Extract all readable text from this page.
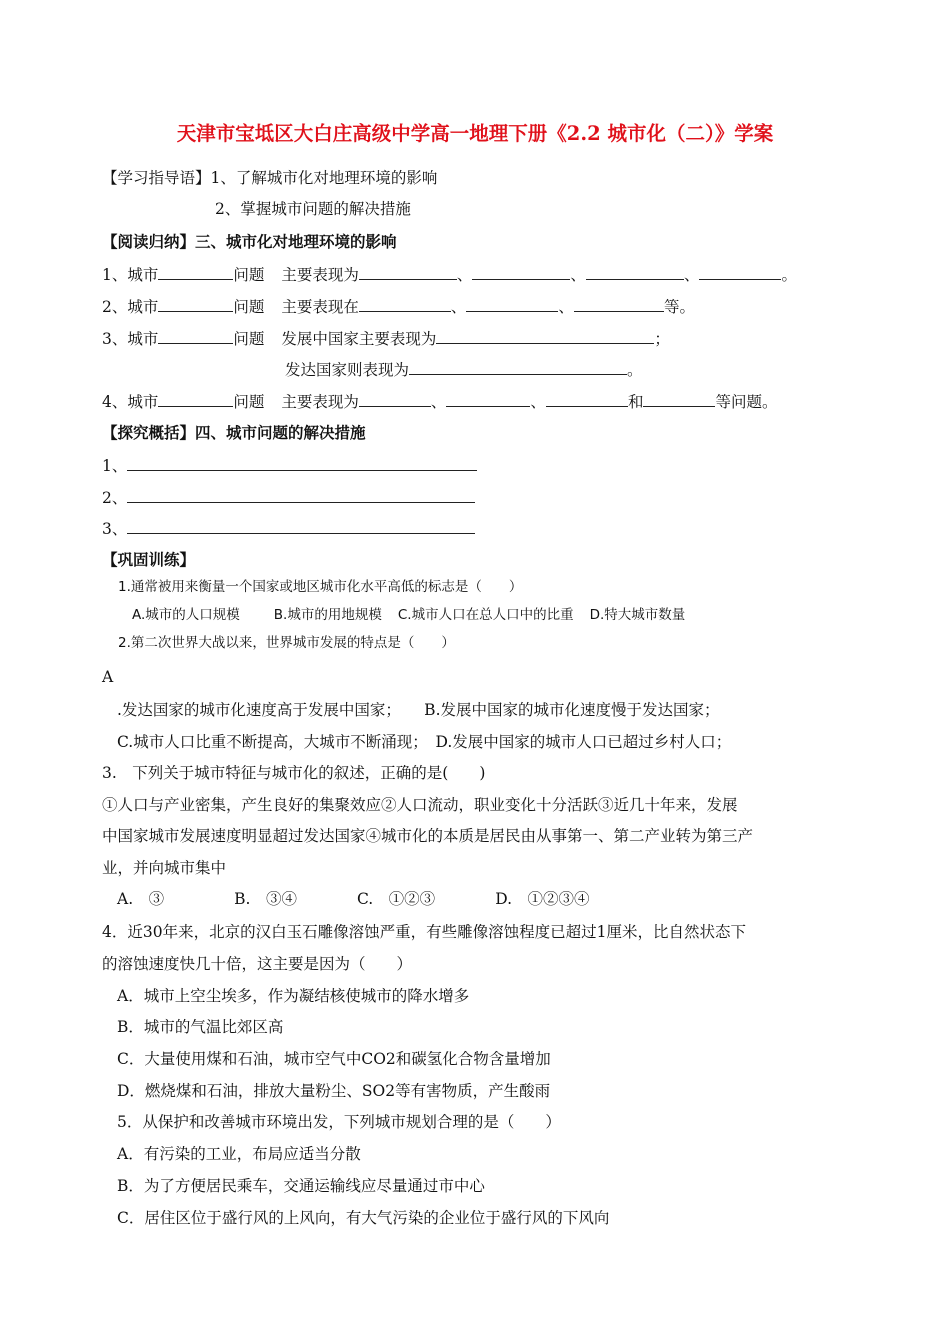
天津市宝坻区大白庄高级中学高一地理下册《2.2 城市化（二）》学案
【学习指导语】1、了解城市化对地理环境的影响
2、掌握城市问题的解决措施
【阅读归纳】三、城市化对地理环境的影响
1、城市	问题 主要表现为	、	、	、	。
2、城市	问题 主要表现在	、	、	等。
3、城市	问题 发展中国家主要表现为	；
发达国家则表现为	。
4、城市	问题 主要表现为	、	、	和	等问题。
【探究概括】四、城市问题的解决措施
1、
2、
3、
【巩固训练】
1.通常被用来衡量一个国家或地区城市化水平高低的标志是（　　）
A.城市的人口规模	B.城市的用地规模 C.城市人口在总人口中的比重 D.特大城市数量
2.第二次世界大战以来，世界城市发展的特点是（　　）
A
.发达国家的城市化速度高于发展中国家；　　B.发展中国家的城市化速度慢于发达国家；
C.城市人口比重不断提高，大城市不断涌现；　D.发展中国家的城市人口已超过乡村人口；
3.　下列关于城市特征与城市化的叙述，正确的是(　　)
①人口与产业密集，产生良好的集聚效应②人口流动，职业变化十分活跃③近几十年来，发展
中国家城市发展速度明显超过发达国家④城市化的本质是居民由从事第一、第二产业转为第三产
业，并向城市集中
A.　③	B.　③④	C.　①②③	D.　①②③④
4．近30年来，北京的汉白玉石雕像溶蚀严重，有些雕像溶蚀程度已超过1厘米，比自然状态下
的溶蚀速度快几十倍，这主要是因为（　　）
A．城市上空尘埃多，作为凝结核使城市的降水增多
B．城市的气温比郊区高
C．大量使用煤和石油，城市空气中CO2和碳氢化合物含量增加
D．燃烧煤和石油，排放大量粉尘、SO2等有害物质，产生酸雨
5．从保护和改善城市环境出发，下列城市规划合理的是（　　）
A．有污染的工业，布局应适当分散
B．为了方便居民乘车，交通运输线应尽量通过市中心
C．居住区位于盛行风的上风向，有大气污染的企业位于盛行风的下风向
